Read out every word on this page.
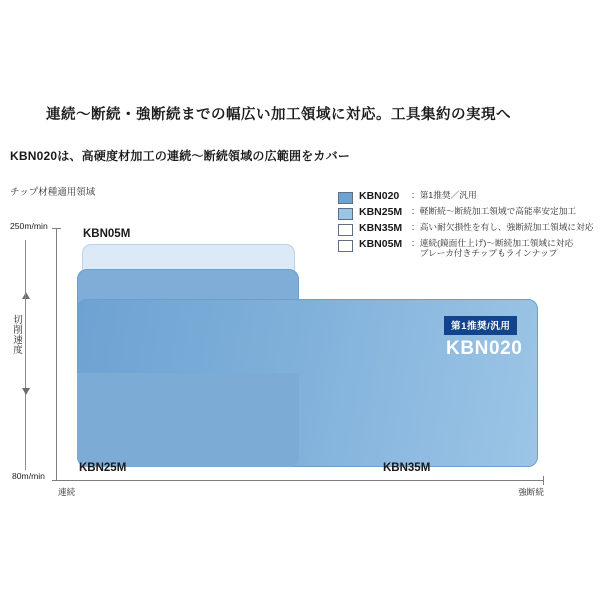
連続〜断続・強断続までの幅広い加工領域に対応。工具集約の実現へ
KBN020は、高硬度材加工の連続〜断続領域の広範囲をカバー
チップ材種適用領域	KBN020	：第1推奨／汎用
KBN25M	：軽断続〜断続加工領域で高能率安定加工
KBN35M	：高い耐欠損性を有し、強断続加工領域に対応
KBN05M	：連続(鏡面仕上げ)〜断続加工領域に対応
　ブレーカ付きチップもラインナップ
250m/min
80m/min
切削速度
連続	強断続
KBN05M
KBN25M	KBN35M
第1推奨/汎用
KBN020
